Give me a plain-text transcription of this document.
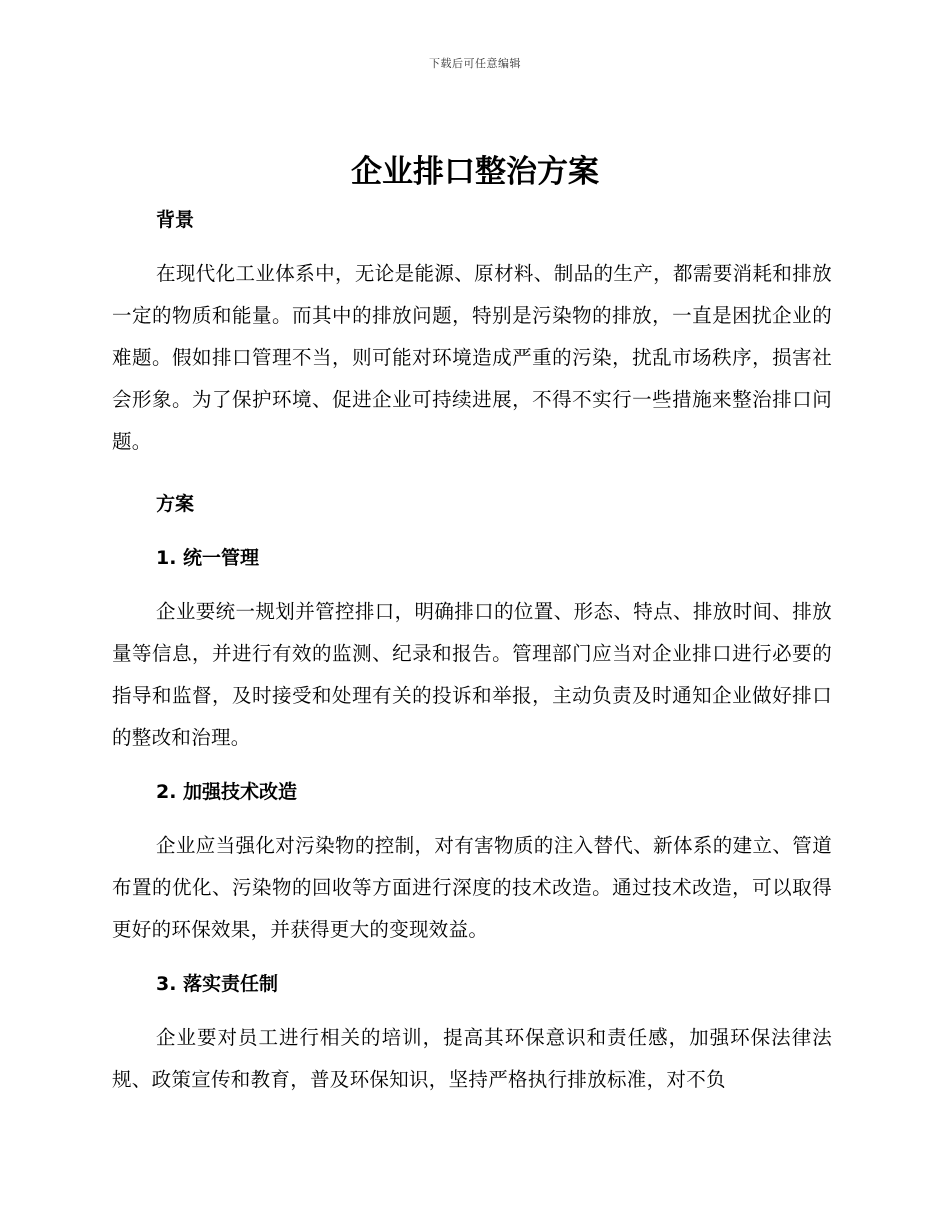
下载后可任意编辑
企业排口整治方案

背景

在现代化工业体系中，无论是能源、原材料、制品的生产，都需要消耗和排放一定的物质和能量。而其中的排放问题，特别是污染物的排放，一直是困扰企业的难题。假如排口管理不当，则可能对环境造成严重的污染，扰乱市场秩序，损害社会形象。为了保护环境、促进企业可持续进展，不得不实行一些措施来整治排口问题。

方案

1. 统一管理

企业要统一规划并管控排口，明确排口的位置、形态、特点、排放时间、排放量等信息，并进行有效的监测、纪录和报告。管理部门应当对企业排口进行必要的指导和监督，及时接受和处理有关的投诉和举报，主动负责及时通知企业做好排口的整改和治理。

2. 加强技术改造

企业应当强化对污染物的控制，对有害物质的注入替代、新体系的建立、管道布置的优化、污染物的回收等方面进行深度的技术改造。通过技术改造，可以取得更好的环保效果，并获得更大的变现效益。

3. 落实责任制

企业要对员工进行相关的培训，提高其环保意识和责任感，加强环保法律法规、政策宣传和教育，普及环保知识，坚持严格执行排放标准，对不负
